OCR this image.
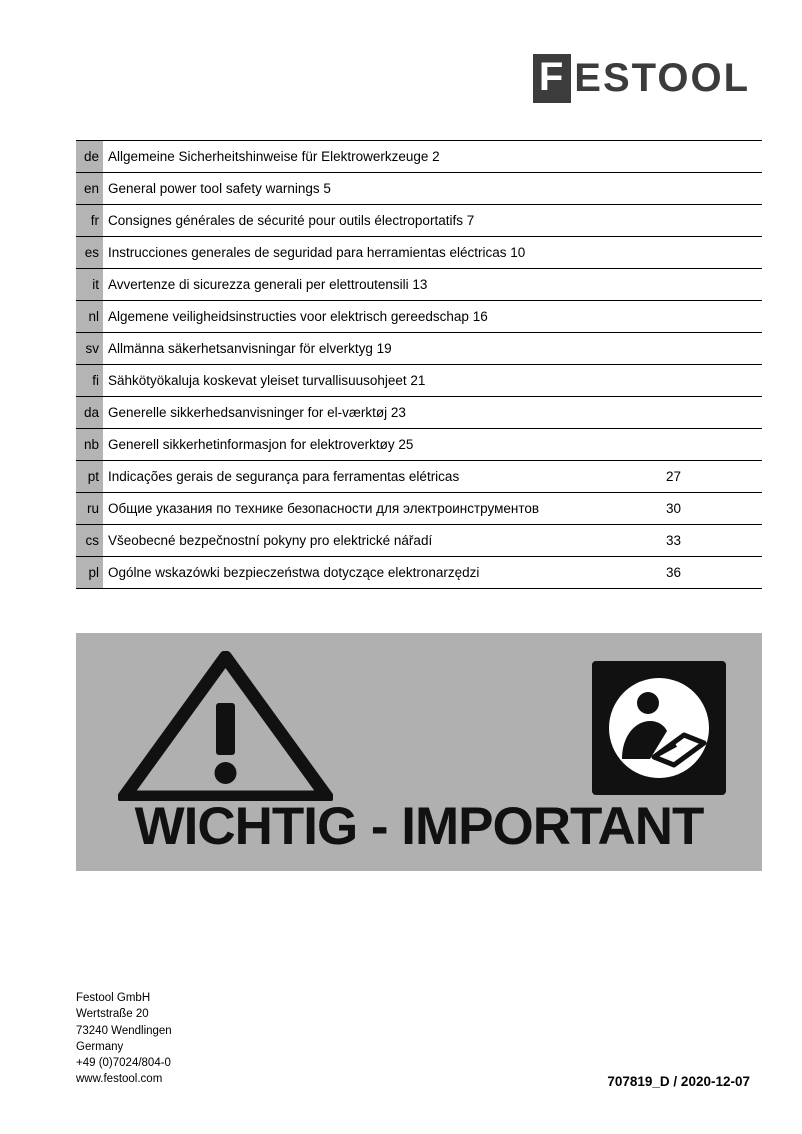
F ESTOOL
de Allgemeine Sicherheitshinweise für Elektrowerkzeuge 2
en General power tool safety warnings 5
fr Consignes générales de sécurité pour outils électroportatifs 7
es Instrucciones generales de seguridad para herramientas eléctricas 10
it Avvertenze di sicurezza generali per elettroutensili 13
nl Algemene veiligheidsinstructies voor elektrisch gereedschap 16
sv Allmänna säkerhetsanvisningar för elverktyg 19
fi Sähkötyökaluja koskevat yleiset turvallisuusohjeet 21
da Generelle sikkerhedsanvisninger for el-værktøj 23
nb Generell sikkerhetinformasjon for elektroverktøy 25
pt Indicações gerais de segurança para ferramentas elétricas	27
ru Общие указания по технике безопасности для электроинструментов	30
cs Všeobecné bezpečnostní pokyny pro elektrické nářadí	33
pl Ogólne wskazówki bezpieczeństwa dotyczące elektronarzędzi	36
WICHTIG - IMPORTANT
Festool GmbH
Wertstraße 20
73240 Wendlingen
Germany
+49 (0)7024/804-0
www.festool.com	707819_D / 2020-12-07
